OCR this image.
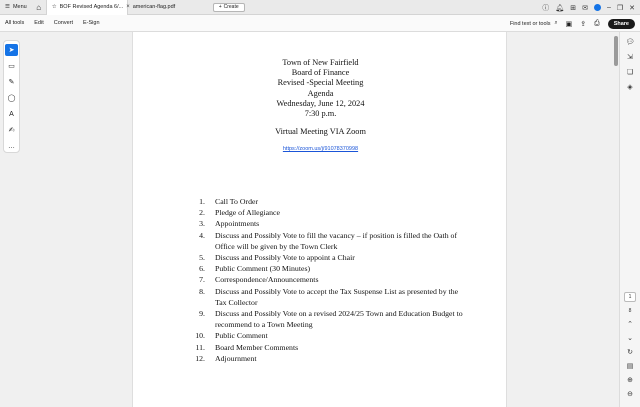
☰ Menu	⌂	☆ BOF Revised Agenda 6/... × american-flag.pdf	+ Create	ⓘ 🔔︎ ⊞ ✉	– ❐ ✕
All tools	Edit	Convert	E-Sign	Find text or tools ⌕ ▣ ⇪ ⎙	Share
➤
▭
✎
◯
A
✍
…
Town of New Fairfield
Board of Finance
Revised -Special Meeting
Agenda
Wednesday, June 12, 2024
7:30 p.m.
Virtual Meeting VIA Zoom
https://zoom.us/j/91078370998
1.	Call To Order
2.	Pledge of Allegiance
3.	Appointments
4.	Discuss and Possibly Vote to fill the vacancy – if position is filled the Oath of Office will be given by the Town Clerk
5.	Discuss and Possibly Vote to appoint a Chair
6.	Public Comment (30 Minutes)
7.	Correspondence/Announcements
8.	Discuss and Possibly Vote to accept the Tax Suspense List as presented by the Tax Collector
9.	Discuss and Possibly Vote on a revised 2024/25 Town and Education Budget to recommend to a Town Meeting
10.	Public Comment
11.	Board Member Comments
12.	Adjournment
💬︎
⇲
❏
◈
1
8
⌃
⌄
↻
▤
⊕
⊖
